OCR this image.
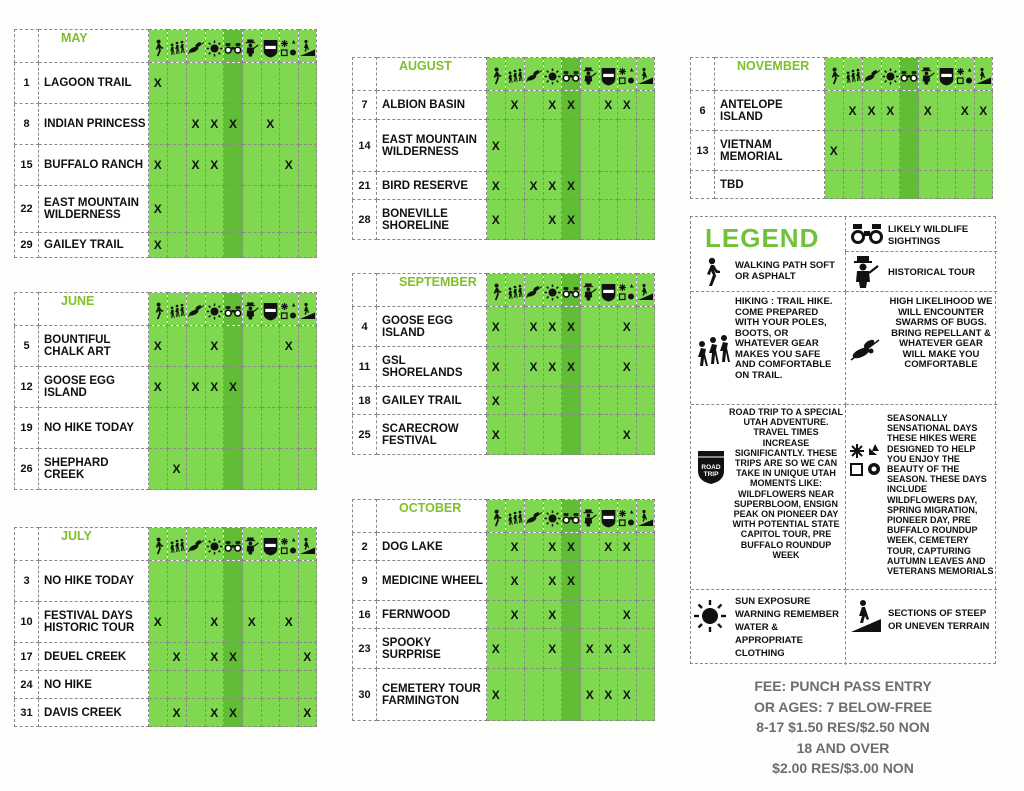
	MAY	

1	LAGOON TRAIL	X								
8	INDIAN PRINCESS			X	X	X		X		
15	BUFFALO RANCH	X		X	X				X	
22	EAST MOUNTAIN WILDERNESS	X								
29	GAILEY TRAIL	X								
	JUNE	

5	BOUNTIFUL CHALK ART	X			X				X	
12	GOOSE EGG ISLAND	X		X	X	X				
19	NO HIKE TODAY									
26	SHEPHARD CREEK		X							
	JULY	

3	NO HIKE TODAY									
10	FESTIVAL DAYS HISTORIC TOUR	X			X		X		X	
17	DEUEL CREEK		X		X	X				X
24	NO HIKE									
31	DAVIS CREEK		X		X	X				X
	AUGUST	

7	ALBION BASIN		X		X	X		X	X	
14	EAST MOUNTAIN WILDERNESS	X								
21	BIRD RESERVE	X		X	X	X				
28	BONEVILLE SHORELINE	X			X	X				
	SEPTEMBER	

4	GOOSE EGG ISLAND	X		X	X	X			X	
11	GSL SHORELANDS	X		X	X	X			X	
18	GAILEY TRAIL	X								
25	SCARECROW FESTIVAL	X							X	
	OCTOBER	

2	DOG LAKE		X		X	X		X	X	
9	MEDICINE WHEEL		X		X	X				
16	FERNWOOD		X		X				X	
23	SPOOKY SURPRISE	X			X		X	X	X	
30	CEMETERY TOUR FARMINGTON	X					X	X	X	
	NOVEMBER	

6	ANTELOPE ISLAND		X	X	X		X		X	X
13	VIETNAM MEMORIAL	X								
	TBD									
LEGEND
WALKING PATH SOFT OR ASPHALT
HIKING : TRAIL HIKE. COME PREPARED WITH YOUR POLES, BOOTS, OR WHATEVER GEAR MAKES YOU SAFE AND COMFORTABLE ON TRAIL.
ROAD TRIP
ROAD TRIP TO A SPECIAL UTAH ADVENTURE. TRAVEL TIMES INCREASE SIGNIFICANTLY. THESE TRIPS ARE SO WE CAN TAKE IN UNIQUE UTAH MOMENTS LIKE: WILDFLOWERS NEAR SUPERBLOOM, ENSIGN PEAK ON PIONEER DAY WITH POTENTIAL STATE CAPITOL TOUR, PRE BUFFALO ROUNDUP WEEK
SUN EXPOSURE WARNING REMEMBER WATER & APPROPRIATE CLOTHING
LIKELY WILDLIFE SIGHTINGS
HISTORICAL TOUR
HIGH LIKELIHOOD WE WILL ENCOUNTER SWARMS OF BUGS. BRING REPELLANT & WHATEVER GEAR WILL MAKE YOU COMFORTABLE
SEASONALLY SENSATIONAL DAYS THESE HIKES WERE DESIGNED TO HELP YOU ENJOY THE BEAUTY OF THE SEASON. THESE DAYS INCLUDE WILDFLOWERS DAY, SPRING MIGRATION, PIONEER DAY, PRE BUFFALO ROUNDUP WEEK, CEMETERY TOUR, CAPTURING AUTUMN LEAVES AND VETERANS MEMORIALS
SECTIONS OF STEEP OR UNEVEN TERRAIN
FEE: PUNCH PASS ENTRY
OR AGES: 7 BELOW-FREE
8-17 $1.50 RES/$2.50 NON
18 AND OVER
$2.00 RES/$3.00 NON
